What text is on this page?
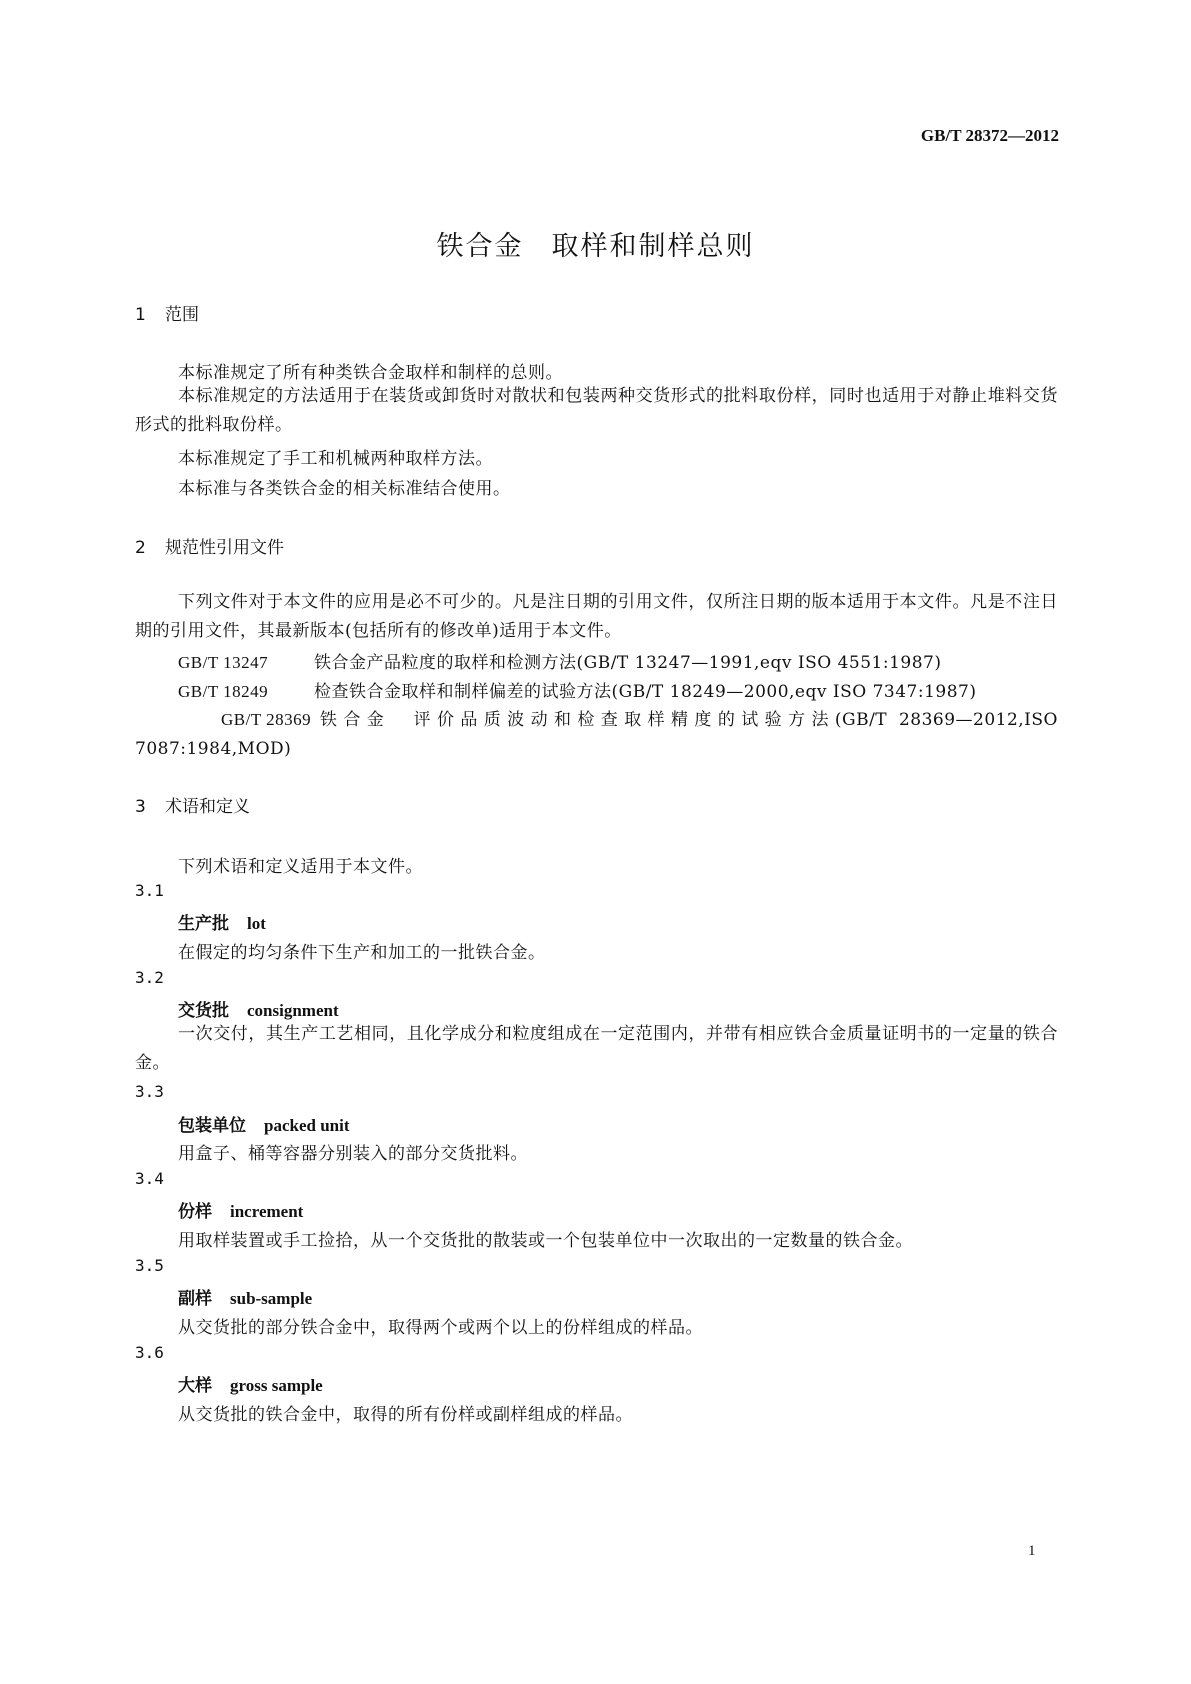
GB/T 28372—2012
铁合金 取样和制样总则
1 范围
本标准规定了所有种类铁合金取样和制样的总则。
本标准规定的方法适用于在装货或卸货时对散状和包装两种交货形式的批料取份样，同时也适用于对静止堆料交货形式的批料取份样。
本标准规定了手工和机械两种取样方法。
本标准与各类铁合金的相关标准结合使用。
2 规范性引用文件
下列文件对于本文件的应用是必不可少的。凡是注日期的引用文件，仅所注日期的版本适用于本文件。凡是不注日期的引用文件，其最新版本(包括所有的修改单)适用于本文件。
GB/T 13247	铁合金产品粒度的取样和检测方法(GB/T 13247—1991,eqv ISO 4551:1987)
GB/T 18249	检查铁合金取样和制样偏差的试验方法(GB/T 18249—2000,eqv ISO 7347:1987)
GB/T 28369 铁合金　评价品质波动和检查取样精度的试验方法(GB/T 28369—2012,ISO 7087:1984,MOD)
3 术语和定义
下列术语和定义适用于本文件。
3.1
生产批 lot
在假定的均匀条件下生产和加工的一批铁合金。
3.2
交货批 consignment
一次交付，其生产工艺相同，且化学成分和粒度组成在一定范围内，并带有相应铁合金质量证明书的一定量的铁合金。
3.3
包装单位 packed unit
用盒子、桶等容器分别装入的部分交货批料。
3.4
份样 increment
用取样装置或手工捡拾，从一个交货批的散装或一个包装单位中一次取出的一定数量的铁合金。
3.5
副样 sub-sample
从交货批的部分铁合金中，取得两个或两个以上的份样组成的样品。
3.6
大样 gross sample
从交货批的铁合金中，取得的所有份样或副样组成的样品。
1
